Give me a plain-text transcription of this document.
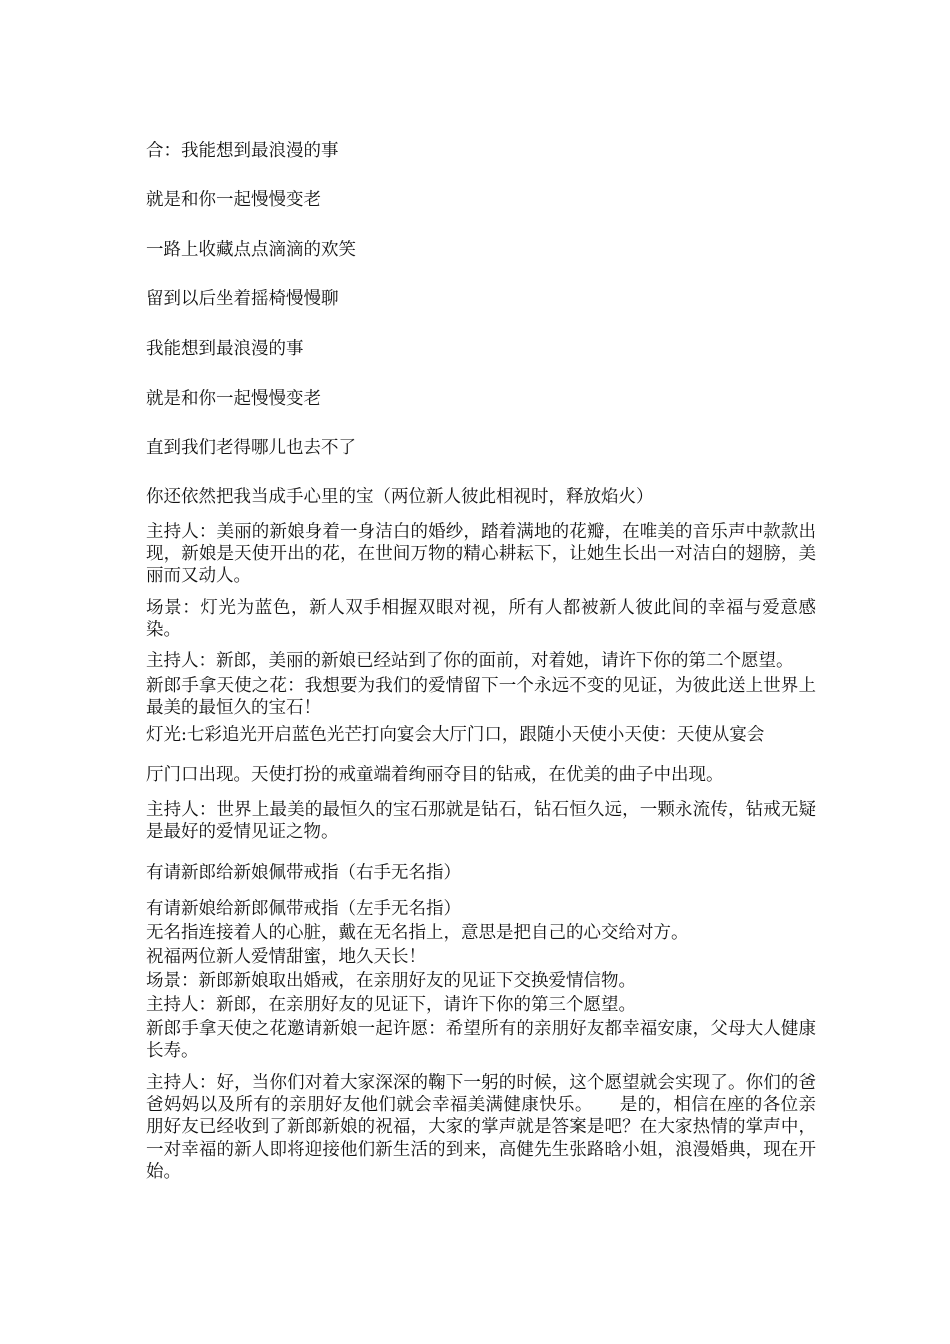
合：我能想到最浪漫的事

就是和你一起慢慢变老

一路上收藏点点滴滴的欢笑

留到以后坐着摇椅慢慢聊

我能想到最浪漫的事

就是和你一起慢慢变老

直到我们老得哪儿也去不了

你还依然把我当成手心里的宝（两位新人彼此相视时，释放焰火）

主持人：美丽的新娘身着一身洁白的婚纱，踏着满地的花瓣，在唯美的音乐声中款款出现，新娘是天使开出的花，在世间万物的精心耕耘下，让她生长出一对洁白的翅膀，美丽而又动人。

场景：灯光为蓝色，新人双手相握双眼对视，所有人都被新人彼此间的幸福与爱意感染。

主持人：新郎，美丽的新娘已经站到了你的面前，对着她，请许下你的第二个愿望。

新郎手拿天使之花：我想要为我们的爱情留下一个永远不变的见证，为彼此送上世界上最美的最恒久的宝石！

灯光:七彩追光开启蓝色光芒打向宴会大厅门口，跟随小天使小天使：天使从宴会

厅门口出现。天使打扮的戒童端着绚丽夺目的钻戒，在优美的曲子中出现。

主持人：世界上最美的最恒久的宝石那就是钻石，钻石恒久远，一颗永流传，钻戒无疑是最好的爱情见证之物。

有请新郎给新娘佩带戒指（右手无名指）

有请新娘给新郎佩带戒指（左手无名指）

无名指连接着人的心脏，戴在无名指上，意思是把自己的心交给对方。

祝福两位新人爱情甜蜜，地久天长！

场景：新郎新娘取出婚戒，在亲朋好友的见证下交换爱情信物。

主持人：新郎，在亲朋好友的见证下，请许下你的第三个愿望。

新郎手拿天使之花邀请新娘一起许愿：希望所有的亲朋好友都幸福安康，父母大人健康长寿。

主持人：好，当你们对着大家深深的鞠下一躬的时候，这个愿望就会实现了。你们的爸爸妈妈以及所有的亲朋好友他们就会幸福美满健康快乐。　　是的，相信在座的各位亲朋好友已经收到了新郎新娘的祝福，大家的掌声就是答案是吧？在大家热情的掌声中，一对幸福的新人即将迎接他们新生活的到来，高健先生张路晗小姐，浪漫婚典，现在开始。
